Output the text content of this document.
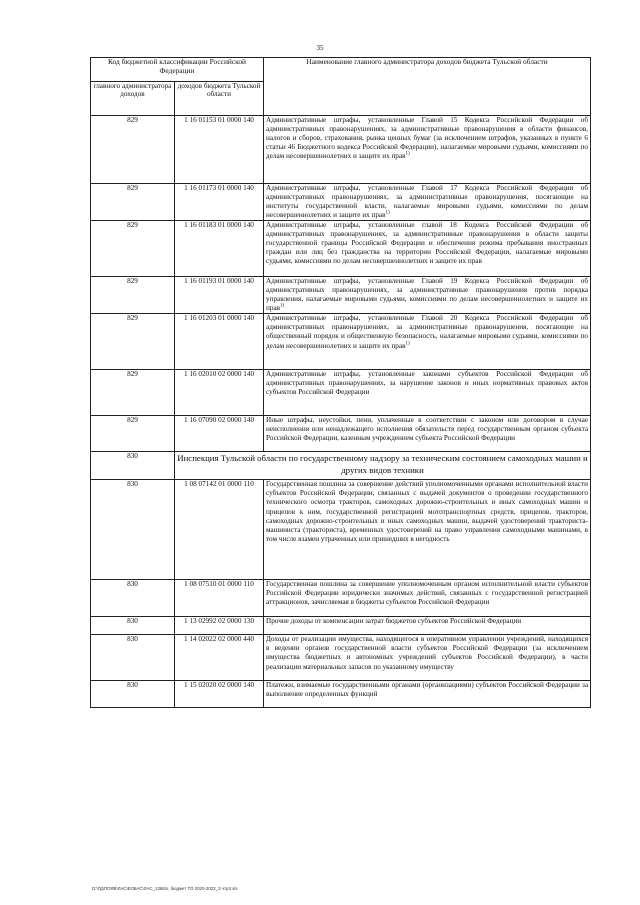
35
Код бюджетной классификации Российской Федерации		Наименование главного администратора доходов бюджета Тульской области
главного администратора доходов	доходов бюджета Тульской области	
829	1 16 01153 01 0000 140	Административные штрафы, установленные Главой 15 Кодекса Российской Федерации об административных правонарушениях, за административные правонарушения в области финансов, налогов и сборов, страхования, рынка ценных бумаг (за исключением штрафов, указанных в пункте 6 статьи 46 Бюджетного кодекса Российской Федерации), налагаемые мировыми судьями, комиссиями по делам несовершеннолетних и защите их прав$^{1)}$
829	1 16 01173 01 0000 140	Административные штрафы, установленные Главой 17 Кодекса Российской Федерации об административных правонарушениях, за административные правонарушения, посягающие на институты государственной власти, налагаемые мировыми судьями, комиссиями по делам несовершеннолетних и защите их прав$^{1)}$
829	1 16 01183 01 0000 140	Административные штрафы, установленные главой 18 Кодекса Российской Федерации об административных правонарушениях, за административные правонарушения в области защиты государственной границы Российской Федерации и обеспечения режима пребывания иностранных граждан или лиц без гражданства на территории Российской Федерации, налагаемые мировыми судьями, комиссиями по делам несовершеннолетних и защите их прав
829	1 16 01193 01 0000 140	Административные штрафы, установленные Главой 19 Кодекса Российской Федерации об административных правонарушениях, за административные правонарушения против порядка управления, налагаемые мировыми судьями, комиссиями по делам несовершеннолетних и защите их прав$^{1)}$
829	1 16 01203 01 0000 140	Административные штрафы, установленные Главой 20 Кодекса Российской Федерации об административных правонарушениях, за административные правонарушения, посягающие на общественный порядок и общественную безопасность, налагаемые мировыми судьями, комиссиями по делам несовершеннолетних и защите их прав$^{1)}$
829	1 16 02010 02 0000 140	Административные штрафы, установленные законами субъектов Российской Федерации об административных правонарушениях, за нарушение законов и иных нормативных правовых актов субъектов Российской Федерации
829	1 16 07090 02 0000 140	Иные штрафы, неустойки, пени, уплаченные в соответствии с законом или договором в случае неисполнения или ненадлежащего исполнения обязательств перед государственным органом субъекта Российской Федерации, казенным учреждением субъекта Российской Федерации
830	Инспекция Тульской области по государственному надзору за техническим состоянием самоходных машин и других видов техники	
830	1 08 07142 01 0000 110	Государственная пошлина за совершение действий уполномоченными органами исполнительной власти субъектов Российской Федерации, связанных с выдачей документов о проведении государственного технического осмотра тракторов, самоходных дорожно-строительных и иных самоходных машин и прицепов к ним, государственной регистрацией мототранспортных средств, прицепов, тракторов, самоходных дорожно-строительных и иных самоходных машин, выдачей удостоверений тракториста-машиниста (тракториста), временных удостоверений на право управления самоходными машинами, в том числе взамен утраченных или пришедших в негодность
830	1 08 07510 01 0000 110	Государственная пошлина за совершение уполномоченным органом исполнительной власти субъектов Российской Федерации юридически значимых действий, связанных с государственной регистрацией аттракционов, зачисляемая в бюджеты субъектов Российской Федерации
830	1 13 02992 02 0000 130	Прочие доходы от компенсации затрат бюджетов субъектов Российской Федерации
830	1 14 02022 02 0000 440	Доходы от реализации имущества, находящегося в оперативном управлении учреждений, находящихся в ведении органов государственной власти субъектов Российской Федерации (за исключением имущества бюджетных и автономных учреждений субъектов Российской Федерации), в части реализации материальных запасов по указанному имуществу
830	1 15 02020 02 0000 140	Платежи, взимаемые государственными органами (организациями) субъектов Российской Федерации за выполнение определенных функций
D:\ГД\ПОЯВ\ЛАС\ЕЛБАС\ЛАС_1368\о, бюджет ТО 2020-2022_3 чтр3.xls
